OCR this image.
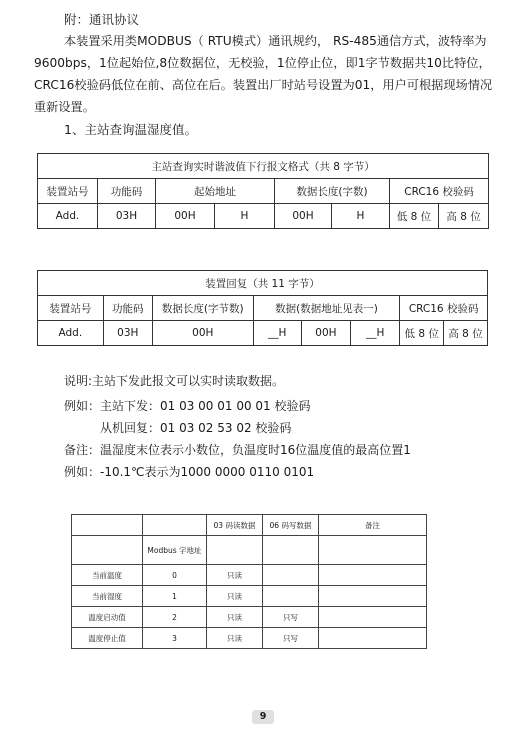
附：通讯协议
本装置采用类MODBUS（ RTU模式）通讯规约， RS-485通信方式，波特率为9600bps，1位起始位,8位数据位，无校验，1位停止位，即1字节数据共10比特位，CRC16校验码低位在前、高位在后。装置出厂时站号设置为01，用户可根据现场情况重新设置。
1、主站查询温湿度值。
主站查询实时谐波值下行报文格式（共 8 字节）							
装置站号	功能码	起始地址		数据长度(字数)		CRC16 校验码	
Add.	03H	00H	H	00H	H	低 8 位	高 8 位
装置回复（共 11 字节）							
装置站号	功能码	数据长度(字节数)	数据(数据地址见表一)			CRC16 校验码	
Add.	03H	00H	__H	00H	__H	低 8 位	高 8 位
说明:主站下发此报文可以实时读取数据。
例如： 主站下发：01 03 00 01 00 01 校验码
从机回复：01 03 02 53 02 校验码
备注：温湿度末位表示小数位，负温度时16位温度值的最高位置1
例如： -10.1℃表示为1000 0000 0110 0101
		03 码读数据	06 码写数据	备注
	Modbus 字地址			
当前温度	0	只读		
当前湿度	1	只读		
温度启动值	2	只读	只写	
温度停止值	3	只读	只写	
9
